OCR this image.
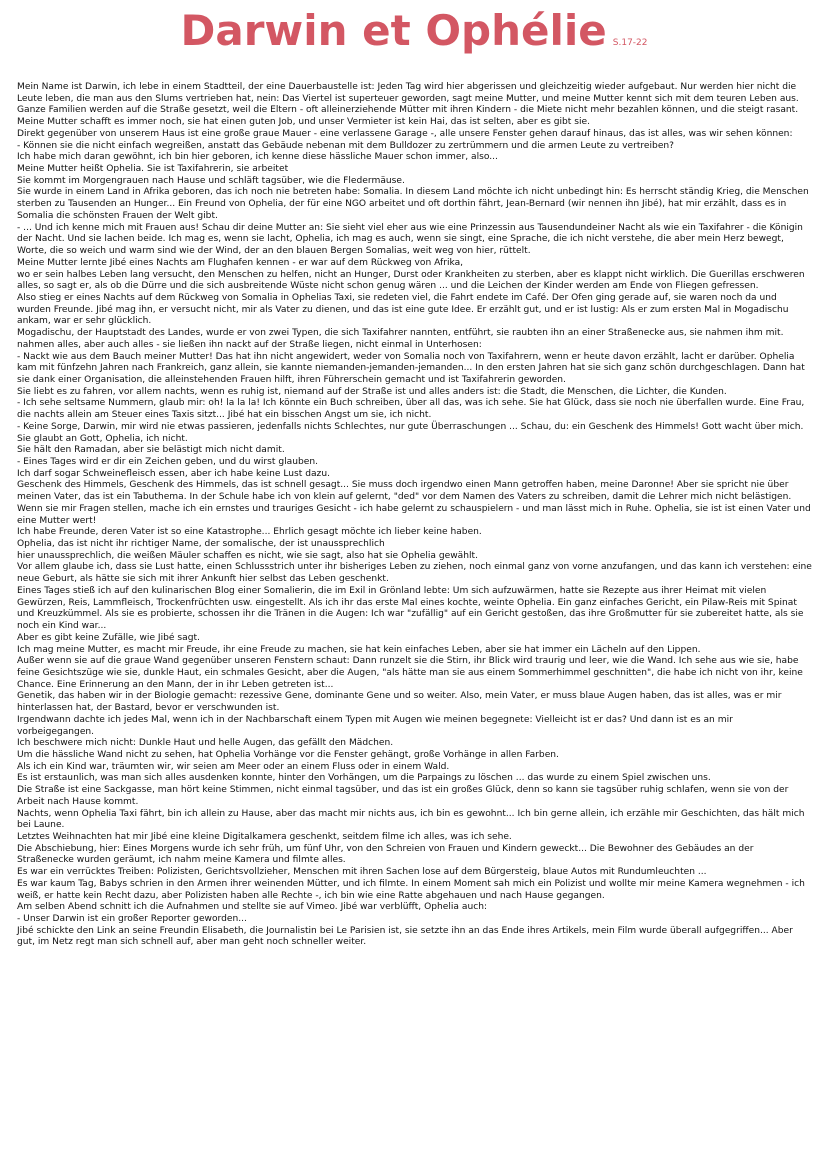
Darwin et Ophélie S.17-22

Mein Name ist Darwin, ich lebe in einem Stadtteil, der eine Dauerbaustelle ist: Jeden Tag wird hier abgerissen und gleichzeitig wieder aufgebaut. Nur werden hier nicht die Leute leben, die man aus den Slums vertrieben hat, nein: Das Viertel ist superteuer geworden, sagt meine Mutter, und meine Mutter kennt sich mit dem teuren Leben aus.

Ganze Familien werden auf die Straße gesetzt, weil die Eltern - oft alleinerziehende Mütter mit ihren Kindern - die Miete nicht mehr bezahlen können, und die steigt rasant.

Meine Mutter schafft es immer noch, sie hat einen guten Job, und unser Vermieter ist kein Hai, das ist selten, aber es gibt sie.

Direkt gegenüber von unserem Haus ist eine große graue Mauer - eine verlassene Garage -, alle unsere Fenster gehen darauf hinaus, das ist alles, was wir sehen können:

- Können sie die nicht einfach wegreißen, anstatt das Gebäude nebenan mit dem Bulldozer zu zertrümmern und die armen Leute zu vertreiben?

Ich habe mich daran gewöhnt, ich bin hier geboren, ich kenne diese hässliche Mauer schon immer, also...

Meine Mutter heißt Ophelia. Sie ist Taxifahrerin, sie arbeitet

Sie kommt im Morgengrauen nach Hause und schläft tagsüber, wie die Fledermäuse.

Sie wurde in einem Land in Afrika geboren, das ich noch nie betreten habe: Somalia. In diesem Land möchte ich nicht unbedingt hin: Es herrscht ständig Krieg, die Menschen sterben zu Tausenden an Hunger... Ein Freund von Ophelia, der für eine NGO arbeitet und oft dorthin fährt, Jean-Bernard (wir nennen ihn Jibé), hat mir erzählt, dass es in Somalia die schönsten Frauen der Welt gibt.

- ... Und ich kenne mich mit Frauen aus! Schau dir deine Mutter an: Sie sieht viel eher aus wie eine Prinzessin aus Tausendundeiner Nacht als wie ein Taxifahrer - die Königin der Nacht. Und sie lachen beide. Ich mag es, wenn sie lacht, Ophelia, ich mag es auch, wenn sie singt, eine Sprache, die ich nicht verstehe, die aber mein Herz bewegt, Worte, die so weich und warm sind wie der Wind, der an den blauen Bergen Somalias, weit weg von hier, rüttelt.

Meine Mutter lernte Jibé eines Nachts am Flughafen kennen - er war auf dem Rückweg von Afrika,

wo er sein halbes Leben lang versucht, den Menschen zu helfen, nicht an Hunger, Durst oder Krankheiten zu sterben, aber es klappt nicht wirklich. Die Guerillas erschweren alles, so sagt er, als ob die Dürre und die sich ausbreitende Wüste nicht schon genug wären ... und die Leichen der Kinder werden am Ende von Fliegen gefressen.

Also stieg er eines Nachts auf dem Rückweg von Somalia in Ophelias Taxi, sie redeten viel, die Fahrt endete im Café. Der Ofen ging gerade auf, sie waren noch da und wurden Freunde. Jibé mag ihn, er versucht nicht, mir als Vater zu dienen, und das ist eine gute Idee. Er erzählt gut, und er ist lustig: Als er zum ersten Mal in Mogadischu ankam, war er sehr glücklich.

Mogadischu, der Hauptstadt des Landes, wurde er von zwei Typen, die sich Taxifahrer nannten, entführt, sie raubten ihn an einer Straßenecke aus, sie nahmen ihm mit. nahmen alles, aber auch alles - sie ließen ihn nackt auf der Straße liegen, nicht einmal in Unterhosen:

- Nackt wie aus dem Bauch meiner Mutter! Das hat ihn nicht angewidert, weder von Somalia noch von Taxifahrern, wenn er heute davon erzählt, lacht er darüber. Ophelia kam mit fünfzehn Jahren nach Frankreich, ganz allein, sie kannte niemanden-jemanden-jemanden... In den ersten Jahren hat sie sich ganz schön durchgeschlagen. Dann hat sie dank einer Organisation, die alleinstehenden Frauen hilft, ihren Führerschein gemacht und ist Taxifahrerin geworden.

Sie liebt es zu fahren, vor allem nachts, wenn es ruhig ist, niemand auf der Straße ist und alles anders ist: die Stadt, die Menschen, die Lichter, die Kunden.

- Ich sehe seltsame Nummern, glaub mir: oh! la la la! Ich könnte ein Buch schreiben, über all das, was ich sehe. Sie hat Glück, dass sie noch nie überfallen wurde. Eine Frau, die nachts allein am Steuer eines Taxis sitzt... Jibé hat ein bisschen Angst um sie, ich nicht.

- Keine Sorge, Darwin, mir wird nie etwas passieren, jedenfalls nichts Schlechtes, nur gute Überraschungen ... Schau, du: ein Geschenk des Himmels! Gott wacht über mich.

Sie glaubt an Gott, Ophelia, ich nicht.

Sie hält den Ramadan, aber sie belästigt mich nicht damit.

- Eines Tages wird er dir ein Zeichen geben, und du wirst glauben.

Ich darf sogar Schweinefleisch essen, aber ich habe keine Lust dazu.

Geschenk des Himmels, Geschenk des Himmels, das ist schnell gesagt... Sie muss doch irgendwo einen Mann getroffen haben, meine Daronne! Aber sie spricht nie über meinen Vater, das ist ein Tabuthema. In der Schule habe ich von klein auf gelernt, "ded" vor dem Namen des Vaters zu schreiben, damit die Lehrer mich nicht belästigen.

Wenn sie mir Fragen stellen, mache ich ein ernstes und trauriges Gesicht - ich habe gelernt zu schauspielern - und man lässt mich in Ruhe. Ophelia, sie ist ist einen Vater und eine Mutter wert!

Ich habe Freunde, deren Vater ist so eine Katastrophe... Ehrlich gesagt möchte ich lieber keine haben.

Ophelia, das ist nicht ihr richtiger Name, der somalische, der ist unaussprechlich

hier unaussprechlich, die weißen Mäuler schaffen es nicht, wie sie sagt, also hat sie Ophelia gewählt.

Vor allem glaube ich, dass sie Lust hatte, einen Schlussstrich unter ihr bisheriges Leben zu ziehen, noch einmal ganz von vorne anzufangen, und das kann ich verstehen: eine neue Geburt, als hätte sie sich mit ihrer Ankunft hier selbst das Leben geschenkt.

Eines Tages stieß ich auf den kulinarischen Blog einer Somalierin, die im Exil in Grönland lebte: Um sich aufzuwärmen, hatte sie Rezepte aus ihrer Heimat mit vielen Gewürzen, Reis, Lammfleisch, Trockenfrüchten usw. eingestellt. Als ich ihr das erste Mal eines kochte, weinte Ophelia. Ein ganz einfaches Gericht, ein Pilaw-Reis mit Spinat und Kreuzkümmel. Als sie es probierte, schossen ihr die Tränen in die Augen: Ich war "zufällig" auf ein Gericht gestoßen, das ihre Großmutter für sie zubereitet hatte, als sie noch ein Kind war...

Aber es gibt keine Zufälle, wie Jibé sagt.

Ich mag meine Mutter, es macht mir Freude, ihr eine Freude zu machen, sie hat kein einfaches Leben, aber sie hat immer ein Lächeln auf den Lippen.

Außer wenn sie auf die graue Wand gegenüber unseren Fenstern schaut: Dann runzelt sie die Stirn, ihr Blick wird traurig und leer, wie die Wand. Ich sehe aus wie sie, habe feine Gesichtszüge wie sie, dunkle Haut, ein schmales Gesicht, aber die Augen, "als hätte man sie aus einem Sommerhimmel geschnitten", die habe ich nicht von ihr, keine Chance. Eine Erinnerung an den Mann, der in ihr Leben getreten ist...

Genetik, das haben wir in der Biologie gemacht: rezessive Gene, dominante Gene und so weiter. Also, mein Vater, er muss blaue Augen haben, das ist alles, was er mir hinterlassen hat, der Bastard, bevor er verschwunden ist.

Irgendwann dachte ich jedes Mal, wenn ich in der Nachbarschaft einem Typen mit Augen wie meinen begegnete: Vielleicht ist er das? Und dann ist es an mir vorbeigegangen.

Ich beschwere mich nicht: Dunkle Haut und helle Augen, das gefällt den Mädchen.

Um die hässliche Wand nicht zu sehen, hat Ophelia Vorhänge vor die Fenster gehängt, große Vorhänge in allen Farben.

Als ich ein Kind war, träumten wir, wir seien am Meer oder an einem Fluss oder in einem Wald.

Es ist erstaunlich, was man sich alles ausdenken konnte, hinter den Vorhängen, um die Parpaings zu löschen ... das wurde zu einem Spiel zwischen uns.

Die Straße ist eine Sackgasse, man hört keine Stimmen, nicht einmal tagsüber, und das ist ein großes Glück, denn so kann sie tagsüber ruhig schlafen, wenn sie von der Arbeit nach Hause kommt.

Nachts, wenn Ophelia Taxi fährt, bin ich allein zu Hause, aber das macht mir nichts aus, ich bin es gewohnt... Ich bin gerne allein, ich erzähle mir Geschichten, das hält mich bei Laune.

Letztes Weihnachten hat mir Jibé eine kleine Digitalkamera geschenkt, seitdem filme ich alles, was ich sehe.

Die Abschiebung, hier: Eines Morgens wurde ich sehr früh, um fünf Uhr, von den Schreien von Frauen und Kindern geweckt... Die Bewohner des Gebäudes an der Straßenecke wurden geräumt, ich nahm meine Kamera und filmte alles.

Es war ein verrücktes Treiben: Polizisten, Gerichtsvollzieher, Menschen mit ihren Sachen lose auf dem Bürgersteig, blaue Autos mit Rundumleuchten ...

Es war kaum Tag, Babys schrien in den Armen ihrer weinenden Mütter, und ich filmte. In einem Moment sah mich ein Polizist und wollte mir meine Kamera wegnehmen - ich weiß, er hatte kein Recht dazu, aber Polizisten haben alle Rechte -, ich bin wie eine Ratte abgehauen und nach Hause gegangen.

Am selben Abend schnitt ich die Aufnahmen und stellte sie auf Vimeo. Jibé war verblüfft, Ophelia auch:

- Unser Darwin ist ein großer Reporter geworden...

Jibé schickte den Link an seine Freundin Elisabeth, die Journalistin bei Le Parisien ist, sie setzte ihn an das Ende ihres Artikels, mein Film wurde überall aufgegriffen... Aber gut, im Netz regt man sich schnell auf, aber man geht noch schneller weiter.
